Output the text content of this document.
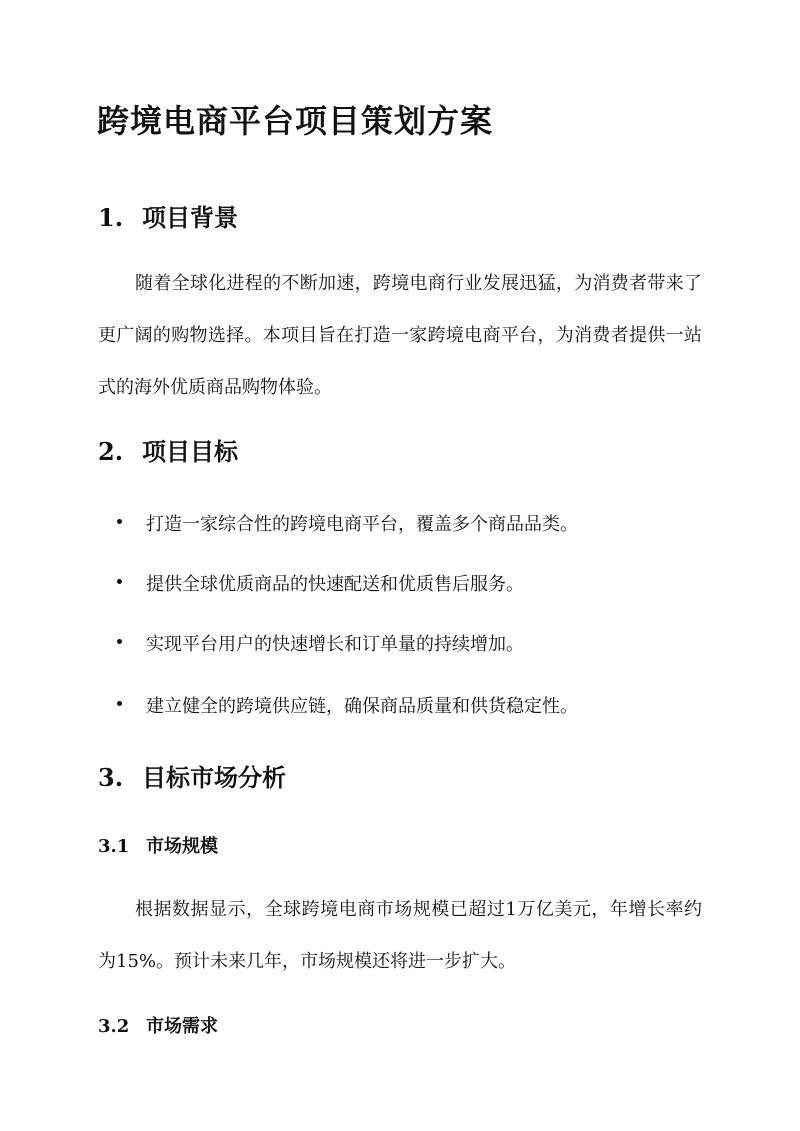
跨境电商平台项目策划方案
1. 项目背景
随着全球化进程的不断加速，跨境电商行业发展迅猛，为消费者带来了更广阔的购物选择。本项目旨在打造一家跨境电商平台，为消费者提供一站式的海外优质商品购物体验。
2. 项目目标
打造一家综合性的跨境电商平台，覆盖多个商品品类。
提供全球优质商品的快速配送和优质售后服务。
实现平台用户的快速增长和订单量的持续增加。
建立健全的跨境供应链，确保商品质量和供货稳定性。
3. 目标市场分析
3.1 市场规模
根据数据显示，全球跨境电商市场规模已超过1万亿美元，年增长率约为15%。预计未来几年，市场规模还将进一步扩大。
3.2 市场需求
